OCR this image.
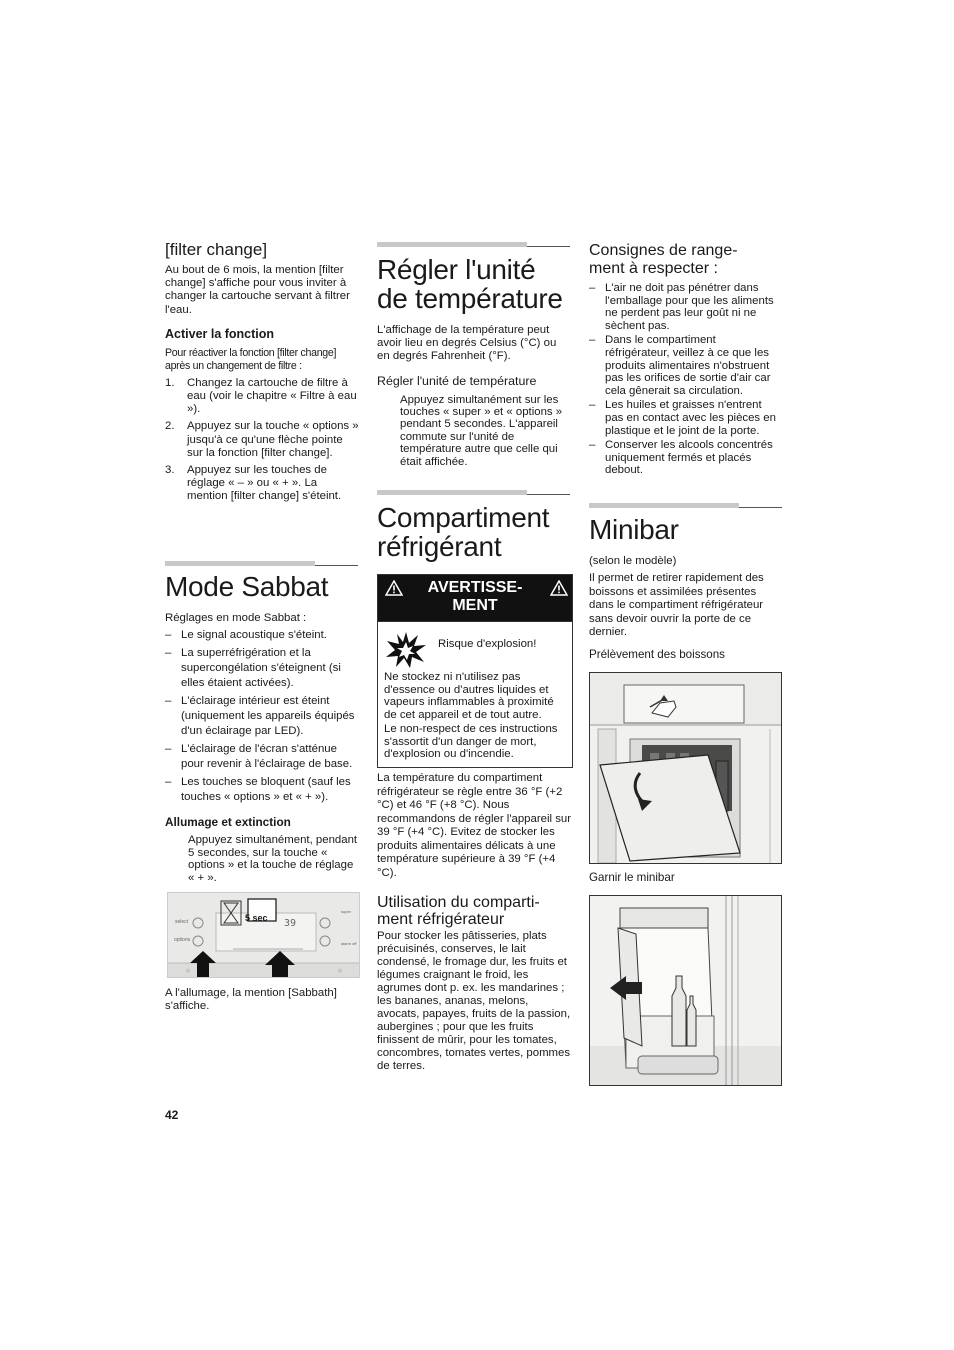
[filter change]

Au bout de 6 mois, la mention [filter change] s'affiche pour vous inviter à changer la cartouche servant à filtrer l'eau.

Activer la fonction

Pour réactiver la fonction [filter change] après un changement de filtre :

1. Changez la cartouche de filtre à eau (voir le chapitre « Filtre à eau »).
2. Appuyez sur la touche « options » jusqu'à ce qu'une flèche pointe sur la fonction [filter change].
3. Appuyez sur les touches de réglage « – » ou « + ». La mention [filter change] s'éteint.
Mode Sabbat

Réglages en mode Sabbat :

– Le signal acoustique s'éteint.
– La superréfrigération et la supercongélation s'éteignent (si elles étaient activées).
– L'éclairage intérieur est éteint (uniquement les appareils équipés d'un éclairage par LED).
– L'éclairage de l'écran s'atténue pour revenir à l'éclairage de base.
– Les touches se bloquent (sauf les touches « options » et « + »).
Allumage et extinction

Appuyez simultanément, pendant 5 secondes, sur la touche « options » et la touche de réglage « + ».

super
alarm off
◇	◇
5 sec
select
options
39

A l'allumage, la mention [Sabbath] s'affiche.

42
Régler l'unité
de température

L'affichage de la température peut avoir lieu en degrés Celsius (°C) ou en degrés Fahrenheit (°F).

Régler l'unité de température

Appuyez simultanément sur les touches « super » et « options » pendant 5 secondes. L'appareil commute sur l'unité de température autre que celle qui était affichée.

Compartiment
réfrigérant
AVERTISSE-
MENT
Risque d'explosion!

Ne stockez ni n'utilisez pas d'essence ou d'autres liquides et vapeurs inflammables à proximité de cet appareil et de tout autre.

Le non-respect de ces instructions s'assortit d'un danger de mort, d'explosion ou d'incendie.

La température du compartiment réfrigérateur se règle entre 36 °F (+2 °C) et 46 °F (+8 °C). Nous recommandons de régler l'appareil sur 39 °F (+4 °C). Evitez de stocker les produits alimentaires délicats à une température supérieure à 39 °F (+4 °C).

Utilisation du comparti-
ment réfrigérateur

Pour stocker les pâtisseries, plats précuisinés, conserves, le lait condensé, le fromage dur, les fruits et légumes craignant le froid, les agrumes dont p. ex. les mandarines ; les bananes, ananas, melons, avocats, papayes, fruits de la passion, aubergines ; pour que les fruits finissent de mûrir, pour les tomates, concombres, tomates vertes, pommes de terres.

Consignes de range-
ment à respecter :
– L'air ne doit pas pénétrer dans l'emballage pour que les aliments ne perdent pas leur goût ni ne sèchent pas.
– Dans le compartiment réfrigérateur, veillez à ce que les produits alimentaires n'obstruent pas les orifices de sortie d'air car cela gênerait sa circulation.
– Les huiles et graisses n'entrent pas en contact avec les pièces en plastique et le joint de la porte.
– Conserver les alcools concentrés uniquement fermés et placés debout.
Minibar

(selon le modèle)

Il permet de retirer rapidement des boissons et assimilées présentes dans le compartiment réfrigérateur sans devoir ouvrir la porte de ce dernier.

Prélèvement des boissons
Garnir le minibar
